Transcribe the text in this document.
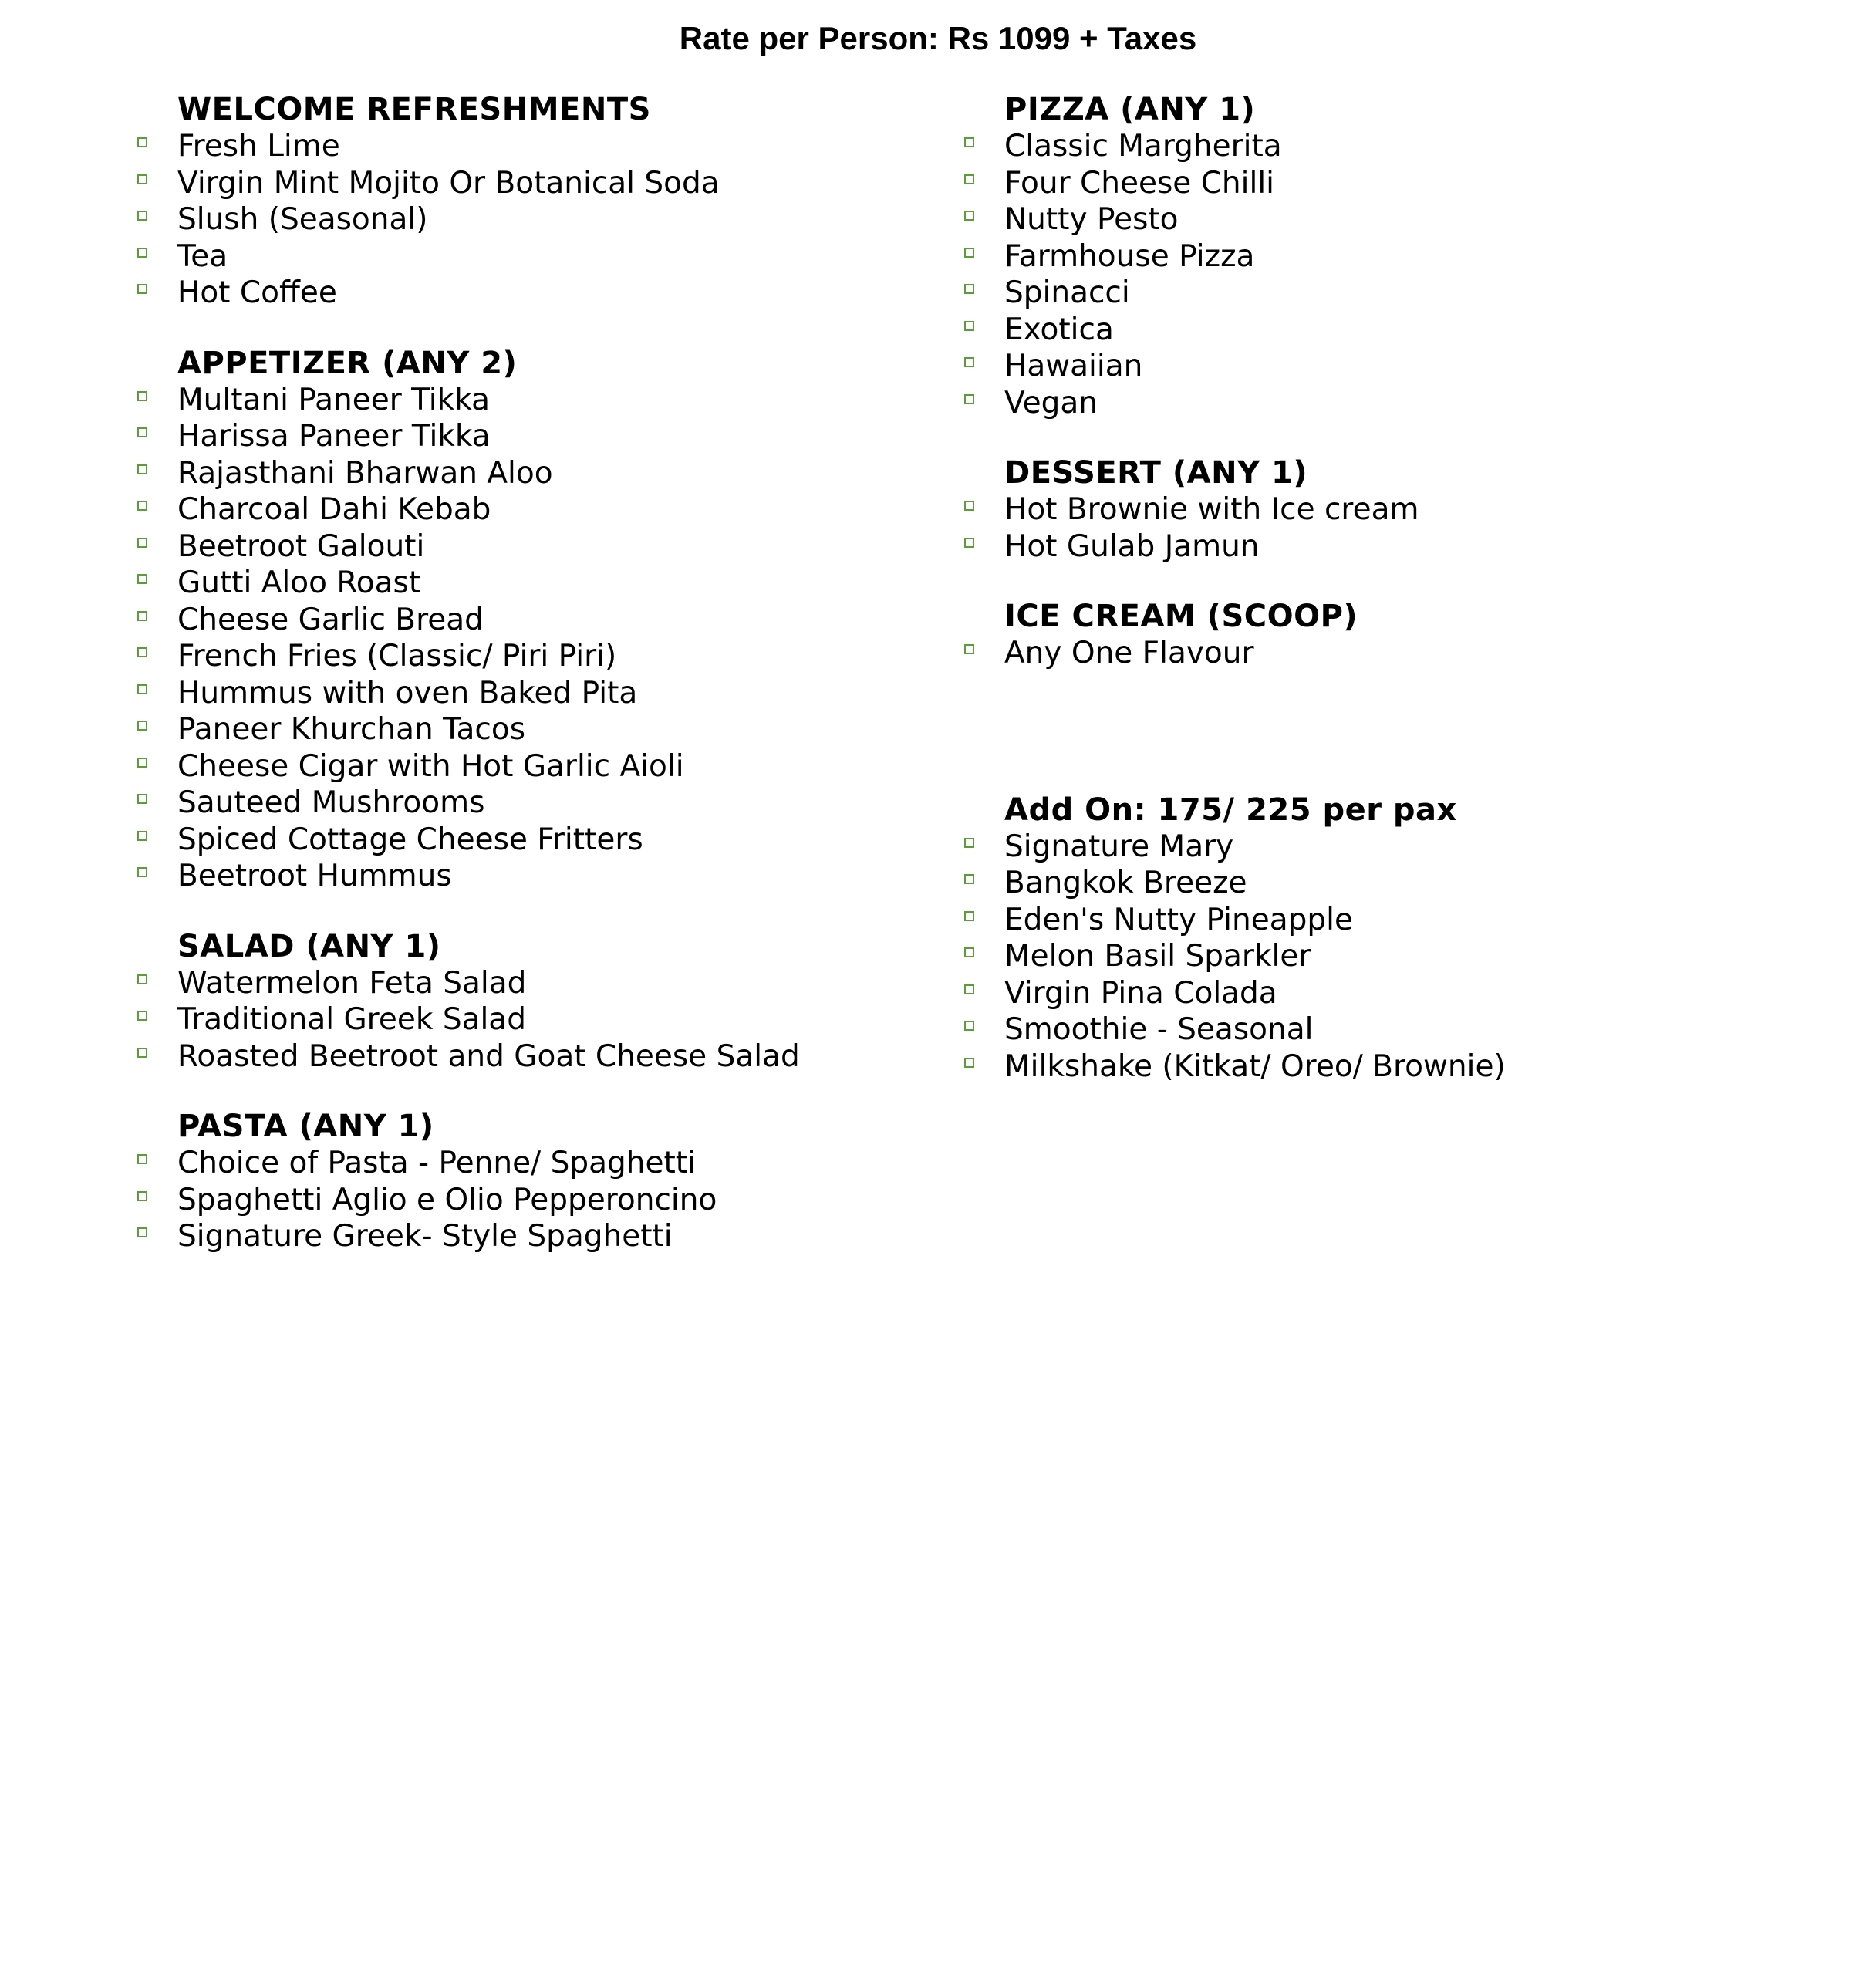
Rate per Person: Rs 1099 + Taxes
WELCOME REFRESHMENTS
Fresh Lime
Virgin Mint Mojito Or Botanical Soda
Slush (Seasonal)
Tea
Hot Coffee
APPETIZER (ANY 2)
Multani Paneer Tikka
Harissa Paneer Tikka
Rajasthani Bharwan Aloo
Charcoal Dahi Kebab
Beetroot Galouti
Gutti Aloo Roast
Cheese Garlic Bread
French Fries (Classic/ Piri Piri)
Hummus with oven Baked Pita
Paneer Khurchan Tacos
Cheese Cigar with Hot Garlic Aioli
Sauteed Mushrooms
Spiced Cottage Cheese Fritters
Beetroot Hummus
SALAD (ANY 1)
Watermelon Feta Salad
Traditional Greek Salad
Roasted Beetroot and Goat Cheese Salad
PASTA (ANY 1)
Choice of Pasta - Penne/ Spaghetti
Spaghetti Aglio e Olio Pepperoncino
Signature Greek- Style Spaghetti
PIZZA (ANY 1)
Classic Margherita
Four Cheese Chilli
Nutty Pesto
Farmhouse Pizza
Spinacci
Exotica
Hawaiian
Vegan
DESSERT (ANY 1)
Hot Brownie with Ice cream
Hot Gulab Jamun
ICE CREAM (SCOOP)
Any One Flavour
Add On: 175/ 225 per pax
Signature Mary
Bangkok Breeze
Eden's Nutty Pineapple
Melon Basil Sparkler
Virgin Pina Colada
Smoothie - Seasonal
Milkshake (Kitkat/ Oreo/ Brownie)
